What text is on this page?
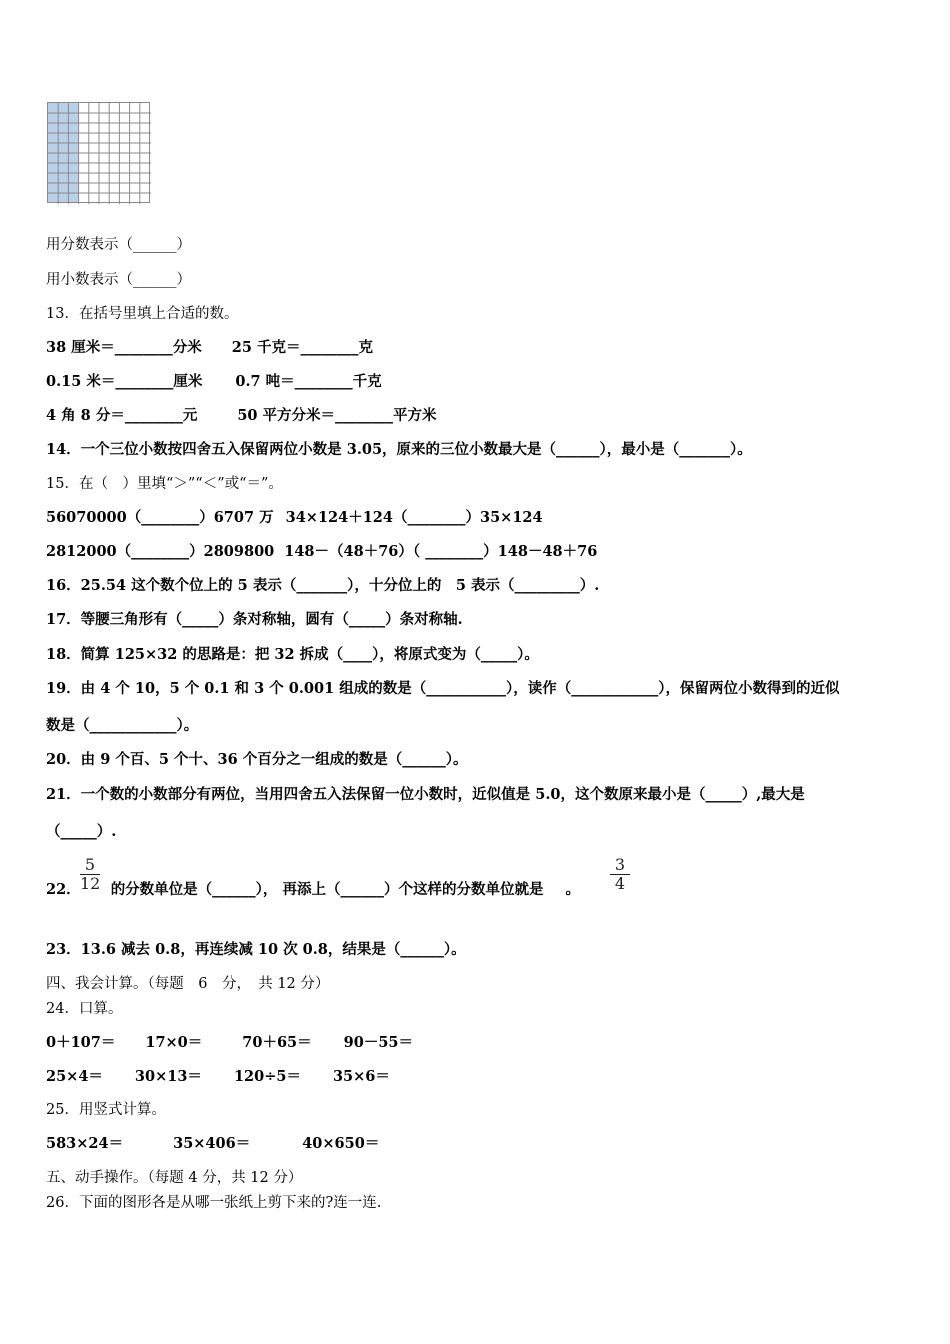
用分数表示（______）
用小数表示（______）
13．在括号里填上合适的数。
38 厘米＝________分米 25 千克＝________克
0.15 米＝________厘米 0.7 吨＝________千克
4 角 8 分＝________元	50 平方分米＝________平方米
14．一个三位小数按四舍五入保留两位小数是 3.05，原来的三位小数最大是（______），最小是（_______）。
15．在（　）里填“＞”“＜”或“＝”。
56070000（________）6707 万 34×124＋124（________）35×124
2812000（________）2809800 148－（48＋76）（ ________）148－48＋76
16．25.54 这个数个位上的 5 表示（_______），十分位上的　5 表示（_________）.
17．等腰三角形有（_____）条对称轴，圆有（_____）条对称轴.
18．简算 125×32 的思路是：把 32 拆成（____），将原式变为（_____）。
19．由 4 个 10，5 个 0.1 和 3 个 0.001 组成的数是（___________），读作（____________），保留两位小数得到的近似
数是（____________）。
20．由 9 个百、5 个十、36 个百分之一组成的数是（______）。
21．一个数的小数部分有两位，当用四舍五入法保留一位小数时，近似值是 5.0，这个数原来最小是（_____）,最大是
（_____）.
22． 的分数单位是（______）， 再添上（______）个这样的分数单位就是 。
$\frac{5}{12}$	$\frac{3}{4}$
23．13.6 减去 0.8，再连续减 10 次 0.8，结果是（______）。
四、我会计算。（每题　6　分，　共 12 分）
24．口算。
0＋107＝ 17×0＝	70＋65＝ 90－55＝
25×4＝ 30×13＝ 120÷5＝ 35×6＝
25．用竖式计算。
583×24＝	35×406＝	40×650＝
五、动手操作。（每题 4 分，共 12 分）
26．下面的图形各是从哪一张纸上剪下来的?连一连.
